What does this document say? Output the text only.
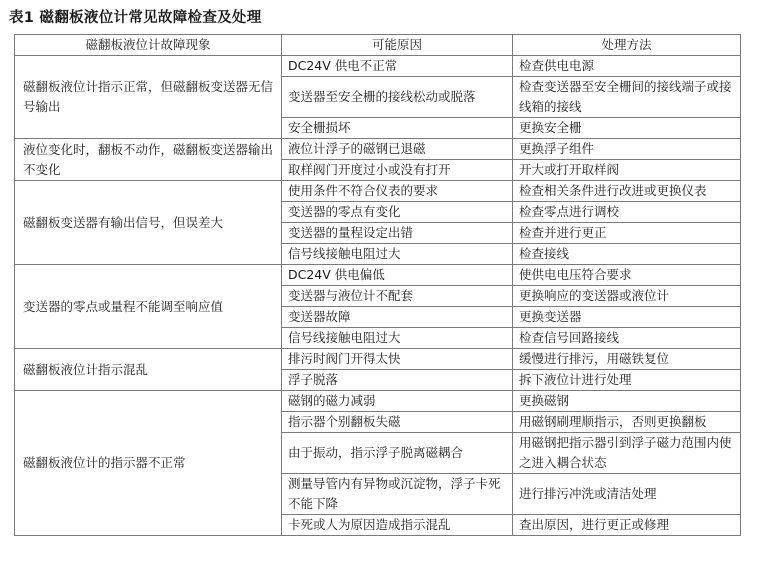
表1 磁翻板液位计常见故障检查及处理
磁翻板液位计故障现象	可能原因	处理方法
磁翻板液位计指示正常，但磁翻板变送器无信号输出	DC24V 供电不正常	检查供电电源
	变送器至安全栅的接线松动或脱落	检查变送器至安全栅间的接线端子或接线箱的接线
	安全栅损坏	更换安全栅
液位变化时，翻板不动作，磁翻板变送器输出不变化	液位计浮子的磁钢已退磁	更换浮子组件
	取样阀门开度过小或没有打开	开大或打开取样阀
磁翻板变送器有输出信号，但误差大	使用条件不符合仪表的要求	检查相关条件进行改进或更换仪表
	变送器的零点有变化	检查零点进行调校
	变送器的量程设定出错	检查并进行更正
	信号线接触电阻过大	检查接线
变送器的零点或量程不能调至响应值	DC24V 供电偏低	使供电电压符合要求
	变送器与液位计不配套	更换响应的变送器或液位计
	变送器故障	更换变送器
	信号线接触电阻过大	检查信号回路接线
磁翻板液位计指示混乱	排污时阀门开得太快	缓慢进行排污，用磁铁复位
	浮子脱落	拆下液位计进行处理
磁翻板液位计的指示器不正常	磁钢的磁力减弱	更换磁钢
	指示器个别翻板失磁	用磁钢刷理顺指示，否则更换翻板
	由于振动，指示浮子脱离磁耦合	用磁钢把指示器引到浮子磁力范围内使之进入耦合状态
	测量导管内有异物或沉淀物，浮子卡死不能下降	进行排污冲洗或清洁处理
	卡死或人为原因造成指示混乱	查出原因，进行更正或修理
